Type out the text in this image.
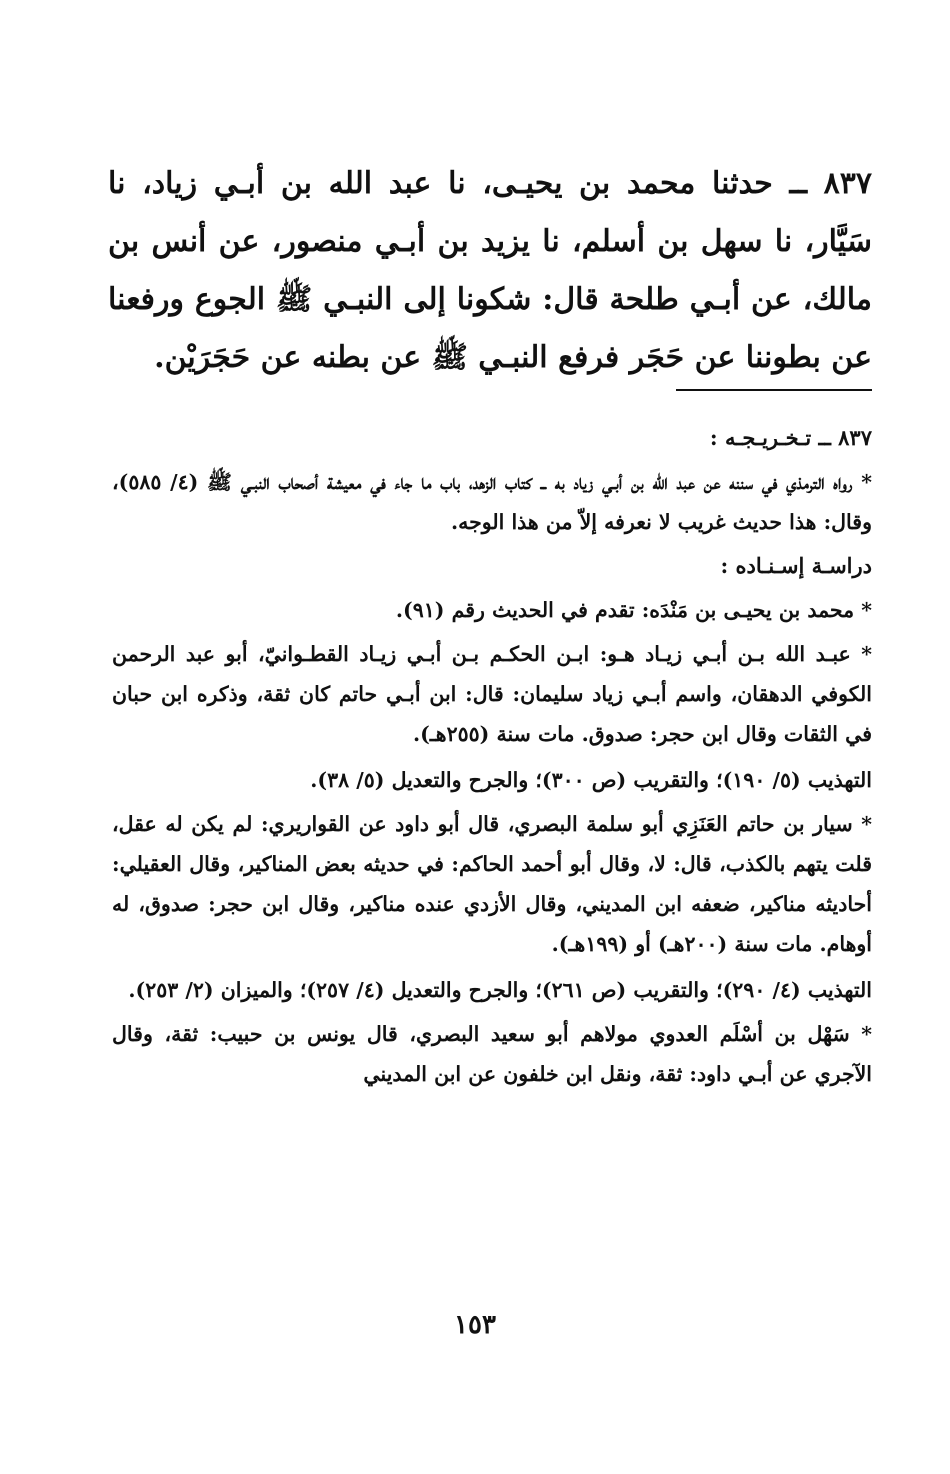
٨٣٧ ــ حدثنا محمد بن يحيـى، نا عبد الله بن أبـي زياد، نا سَيَّار، نا سهل بن أسلم، نا يزيد بن أبـي منصور، عن أنس بن مالك، عن أبـي طلحة قال: شكونا إلى النبـي ﷺ الجوع ورفعنا عن بطوننا عن حَجَر فرفع النبـي ﷺ عن بطنه عن حَجَرَيْن.

٨٣٧ ــ تـخـريـجـه :

* رواه الترمذي في سننه عن عبد الله بن أبـي زياد به ــ كتاب الزهد، باب ما جاء في معيشة أصحاب النبـي ﷺ (٤/ ٥٨٥)، وقال: هذا حديث غريب لا نعرفه إلاّ من هذا الوجه.

دراسـة إسـنـاده :

* محمد بن يحيـى بن مَنْدَه: تقدم في الحديث رقم (٩١).

* عبـد الله بـن أبـي زيـاد هـو: ابـن الحكـم بـن أبـي زيـاد القطـوانيّ، أبو عبد الرحمن الكوفي الدهقان، واسم أبـي زياد سليمان: قال: ابن أبـي حاتم كان ثقة، وذكره ابن حبان في الثقات وقال ابن حجر: صدوق. مات سنة (٢٥٥هـ).

التهذيب (٥/ ١٩٠)؛ والتقريب (ص ٣٠٠)؛ والجرح والتعديل (٥/ ٣٨).

* سيار بن حاتم العَنَزِي أبو سلمة البصري، قال أبو داود عن القواريري: لم يكن له عقل، قلت يتهم بالكذب، قال: لا، وقال أبو أحمد الحاكم: في حديثه بعض المناكير، وقال العقيلي: أحاديثه مناكير، ضعفه ابن المديني، وقال الأزدي عنده مناكير، وقال ابن حجر: صدوق، له أوهام. مات سنة (٢٠٠هـ) أو (١٩٩هـ).

التهذيب (٤/ ٢٩٠)؛ والتقريب (ص ٢٦١)؛ والجرح والتعديل (٤/ ٢٥٧)؛ والميزان (٢/ ٢٥٣).

* سَهْل بن أسْلَم العدوي مولاهم أبو سعيد البصري، قال يونس بن حبيب: ثقة، وقال الآجري عن أبـي داود: ثقة، ونقل ابن خلفون عن ابن المديني

١٥٣
